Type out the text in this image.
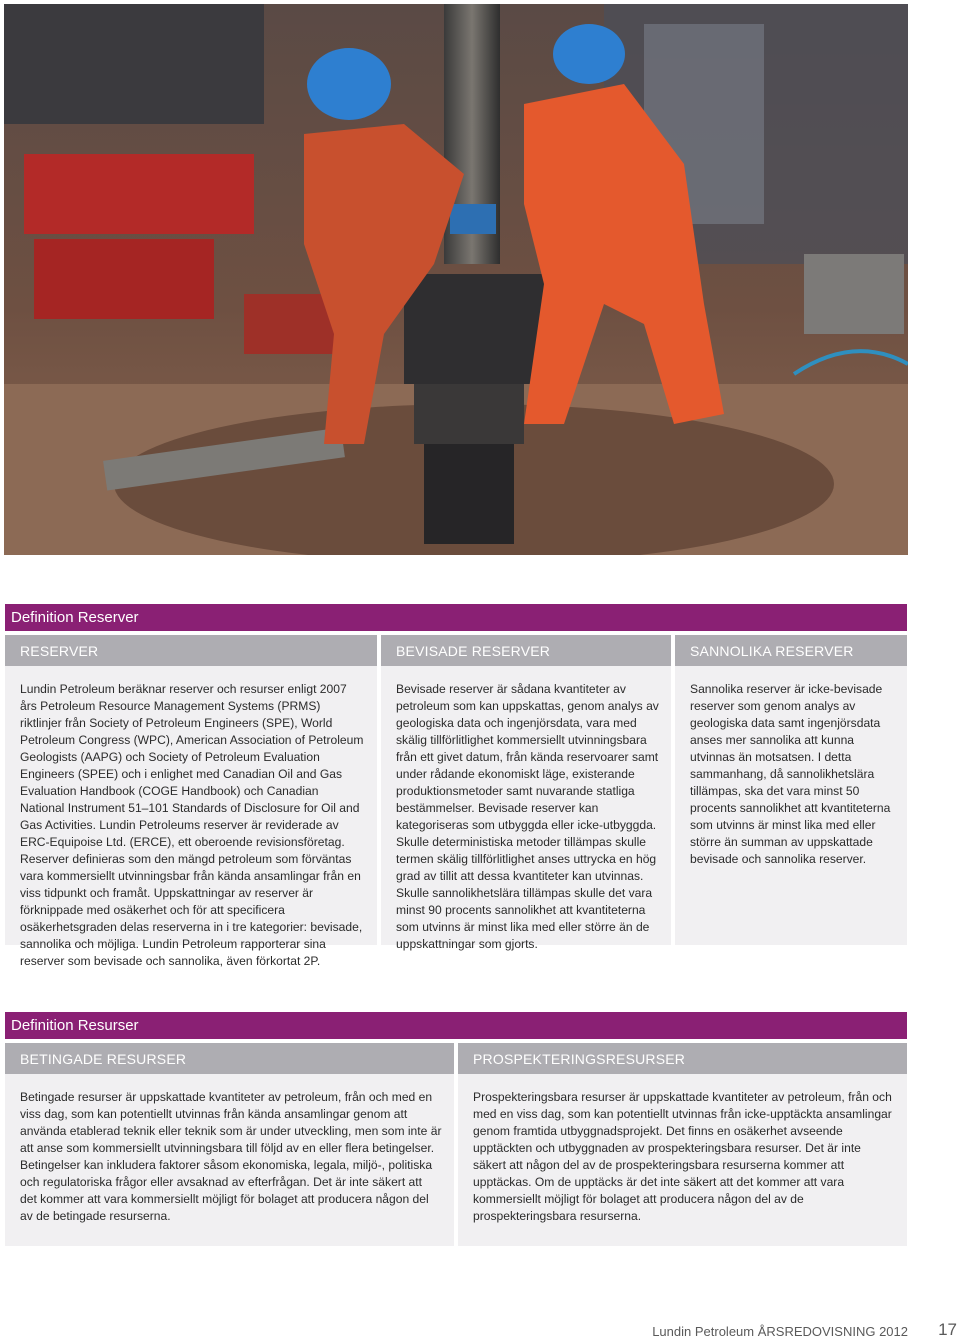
Definition Reserver
RESERVER
Lundin Petroleum beräknar reserver och resurser enligt 2007 års Petroleum Resource Management Systems (PRMS) riktlinjer från Society of Petroleum Engineers (SPE), World Petroleum Congress (WPC), American Association of Petroleum Geologists (AAPG) och Society of Petroleum Evaluation Engineers (SPEE) och i enlighet med Canadian Oil and Gas Evaluation Handbook (COGE Handbook) och Canadian National Instrument 51–101 Standards of Disclosure for Oil and Gas Activities. Lundin Petroleums reserver är reviderade av ERC-Equipoise Ltd. (ERCE), ett oberoende revisionsföretag. Reserver definieras som den mängd petroleum som förväntas vara kommersiellt utvinningsbar från kända ansamlingar från en viss tidpunkt och framåt. Uppskattningar av reserver är förknippade med osäkerhet och för att specificera osäkerhetsgraden delas reserverna in i tre kategorier: bevisade, sannolika och möjliga. Lundin Petroleum rapporterar sina reserver som bevisade och sannolika, även förkortat 2P.
BEVISADE RESERVER
Bevisade reserver är sådana kvantiteter av petroleum som kan uppskattas, genom analys av geologiska data och ingenjörsdata, vara med skälig tillförlitlighet kommersiellt utvinningsbara från ett givet datum, från kända reservoarer samt under rådande ekonomiskt läge, existerande produktionsmetoder samt nuvarande statliga bestämmelser. Bevisade reserver kan kategoriseras som utbyggda eller icke-utbyggda. Skulle deterministiska metoder tillämpas skulle termen skälig tillförlitlighet anses uttrycka en hög grad av tillit att dessa kvantiteter kan utvinnas. Skulle sannolikhetslära tillämpas skulle det vara minst 90 procents sannolikhet att kvantiteterna som utvinns är minst lika med eller större än de uppskattningar som gjorts.
SANNOLIKA RESERVER
Sannolika reserver är icke-bevisade reserver som genom analys av geologiska data samt ingenjörsdata anses mer sannolika att kunna utvinnas än motsatsen. I detta sammanhang, då sannolikhetslära tillämpas, ska det vara minst 50 procents sannolikhet att kvantiteterna som utvinns är minst lika med eller större än summan av uppskattade bevisade och sannolika reserver.
Definition Resurser
BETINGADE RESURSER
Betingade resurser är uppskattade kvantiteter av petroleum, från och med en viss dag, som kan potentiellt utvinnas från kända ansamlingar genom att använda etablerad teknik eller teknik som är under utveckling, men som inte är att anse som kommersiellt utvinningsbara till följd av en eller flera betingelser. Betingelser kan inkludera faktorer såsom ekonomiska, legala, miljö-, politiska och regulatoriska frågor eller avsaknad av efterfrågan. Det är inte säkert att det kommer att vara kommersiellt möjligt för bolaget att producera någon del av de betingade resurserna.
PROSPEKTERINGSRESURSER
Prospekteringsbara resurser är uppskattade kvantiteter av petroleum, från och med en viss dag, som kan potentiellt utvinnas från icke-upptäckta ansamlingar genom framtida utbyggnadsprojekt. Det finns en osäkerhet avseende upptäckten och utbyggnaden av prospekteringsbara resurser. Det är inte säkert att någon del av de prospekteringsbara resurserna kommer att upptäckas. Om de upptäcks är det inte säkert att det kommer att vara kommersiellt möjligt för bolaget att producera någon del av de prospekteringsbara resurserna.
Lundin Petroleum ÅRSREDOVISNING 2012 17
